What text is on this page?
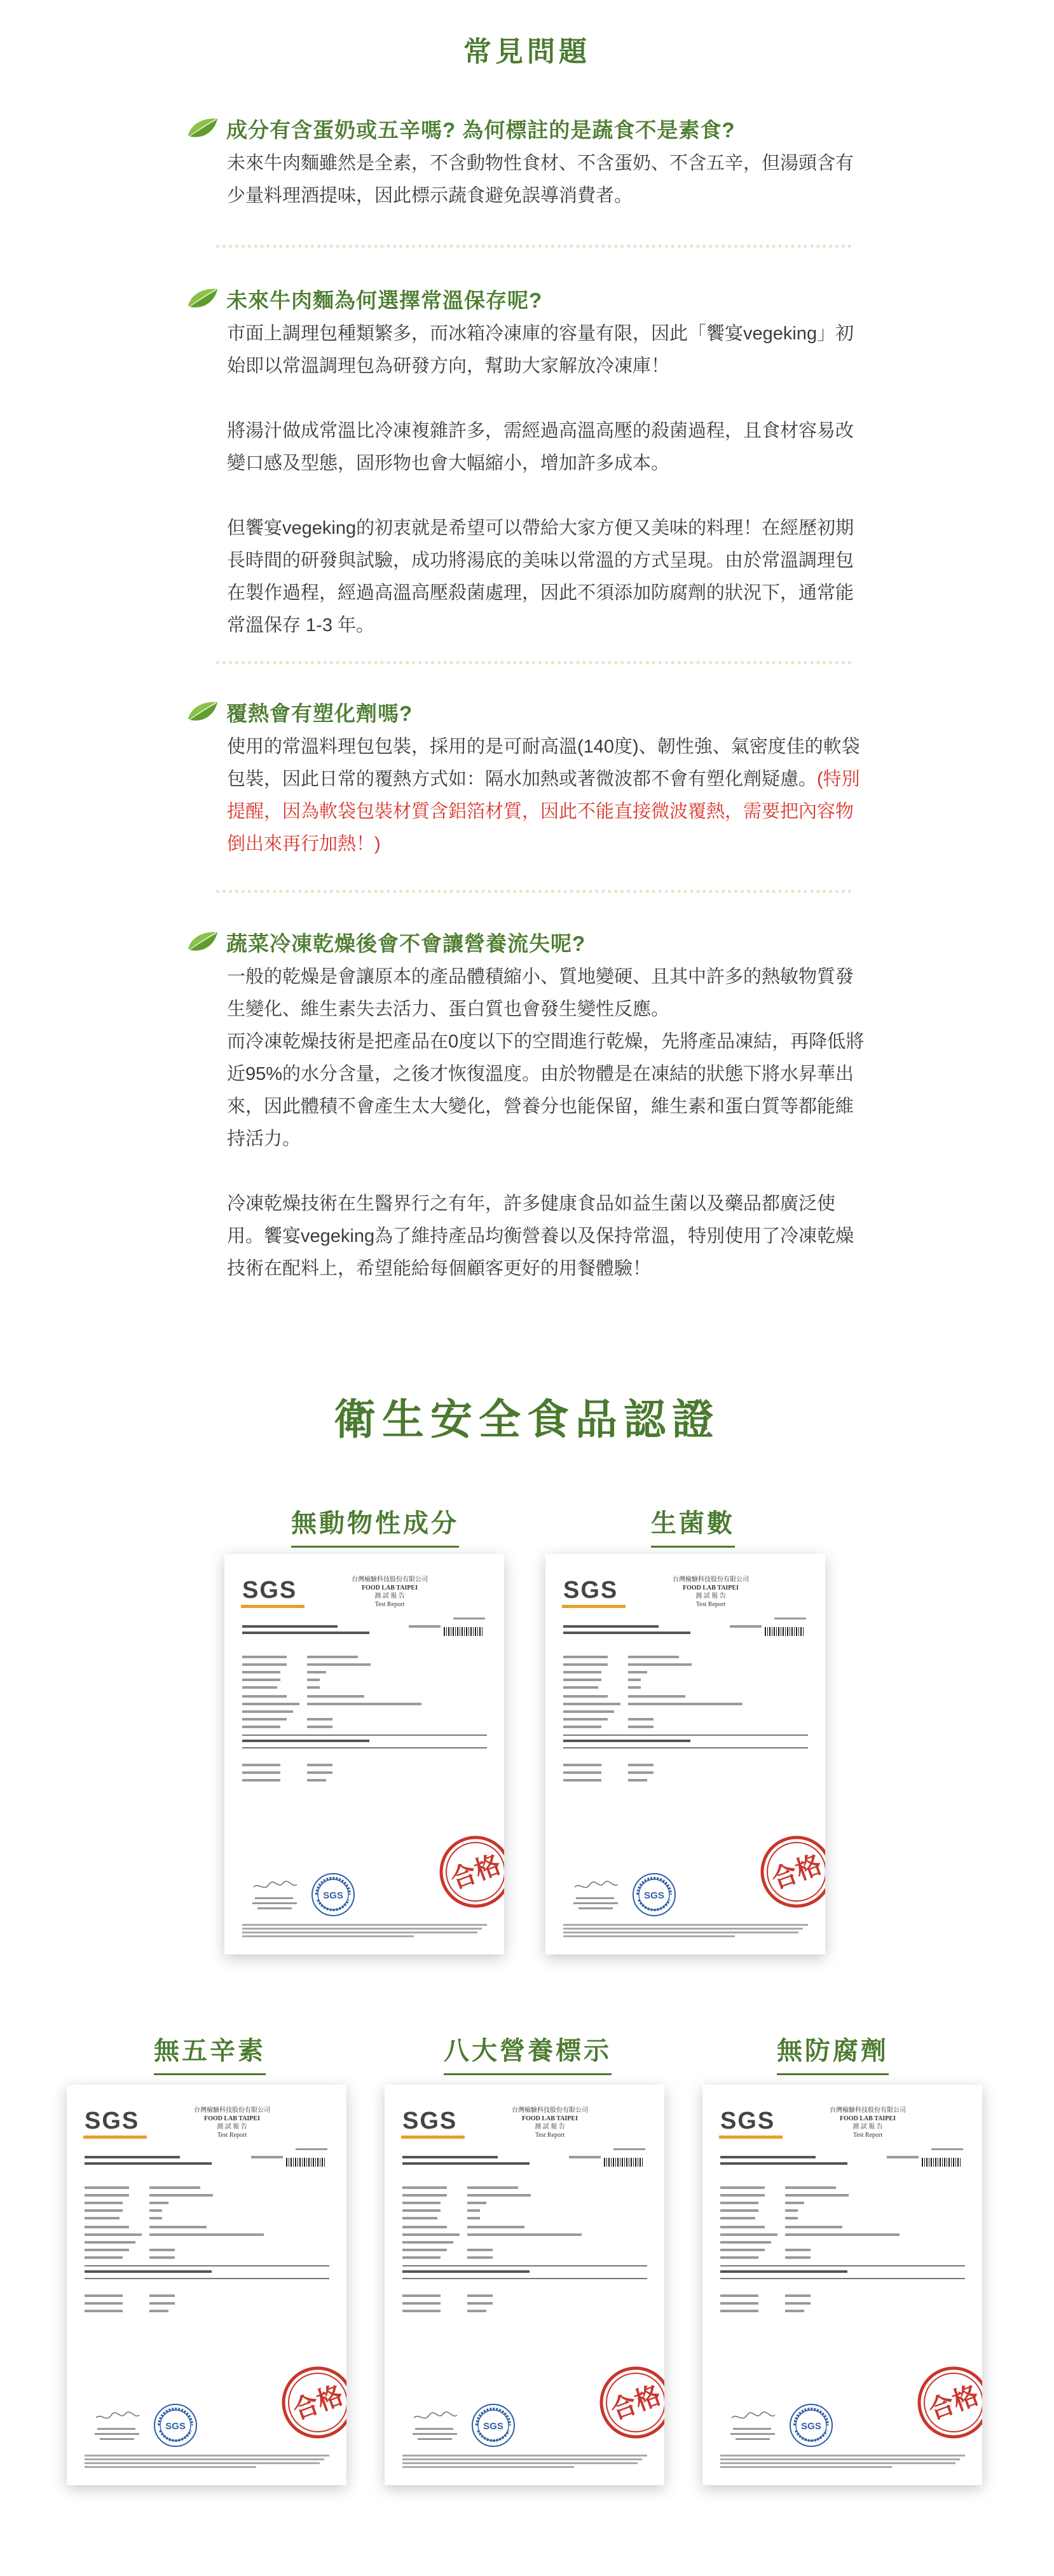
常見問題
成分有含蛋奶或五辛嗎? 為何標註的是蔬食不是素食?

未來牛肉麵雖然是全素，不含動物性食材、不含蛋奶、不含五辛，但湯頭含有少量料理酒提味，因此標示蔬食避免誤導消費者。

未來牛肉麵為何選擇常溫保存呢?

市面上調理包種類繁多，而冰箱冷凍庫的容量有限，因此「饗宴vegeking」初始即以常溫調理包為研發方向，幫助大家解放冷凍庫！

將湯汁做成常溫比冷凍複雜許多，需經過高溫高壓的殺菌過程，且食材容易改變口感及型態，固形物也會大幅縮小，增加許多成本。

但饗宴vegeking的初衷就是希望可以帶給大家方便又美味的料理！在經歷初期長時間的研發與試驗，成功將湯底的美味以常溫的方式呈現。由於常溫調理包在製作過程，經過高溫高壓殺菌處理，因此不須添加防腐劑的狀況下，通常能常溫保存 1-3 年。

覆熱會有塑化劑嗎?

使用的常溫料理包包裝，採用的是可耐高溫(140度)、韌性強、氣密度佳的軟袋包裝，因此日常的覆熱方式如：隔水加熱或著微波都不會有塑化劑疑慮。(特別提醒，因為軟袋包裝材質含鋁箔材質，因此不能直接微波覆熱，需要把內容物倒出來再行加熱！)

蔬菜冷凍乾燥後會不會讓營養流失呢?

一般的乾燥是會讓原本的產品體積縮小、質地變硬、且其中許多的熱敏物質發生變化、維生素失去活力、蛋白質也會發生變性反應。

而冷凍乾燥技術是把產品在0度以下的空間進行乾燥，先將產品凍結，再降低將近95%的水分含量，之後才恢復溫度。由於物體是在凍結的狀態下將水昇華出來，因此體積不會產生太大變化，營養分也能保留，維生素和蛋白質等都能維持活力。

冷凍乾燥技術在生醫界行之有年，許多健康食品如益生菌以及藥品都廣泛使用。饗宴vegeking為了維持產品均衡營養以及保持常溫，特別使用了冷凍乾燥技術在配料上，希望能給每個顧客更好的用餐體驗！

衛生安全食品認證
無動物性成分	生菌數
無五辛素	八大營養標示	無防腐劑
SGS	台灣檢驗科技股份有限公司
FOOD LAB TAIPEI
測 試 報 告
Test Report
SGS
合格
SGS	台灣檢驗科技股份有限公司
FOOD LAB TAIPEI
測 試 報 告
Test Report
SGS
合格
SGS	台灣檢驗科技股份有限公司
FOOD LAB TAIPEI
測 試 報 告
Test Report
SGS
合格
SGS	台灣檢驗科技股份有限公司
FOOD LAB TAIPEI
測 試 報 告
Test Report
SGS
合格
SGS	台灣檢驗科技股份有限公司
FOOD LAB TAIPEI
測 試 報 告
Test Report
SGS
合格
